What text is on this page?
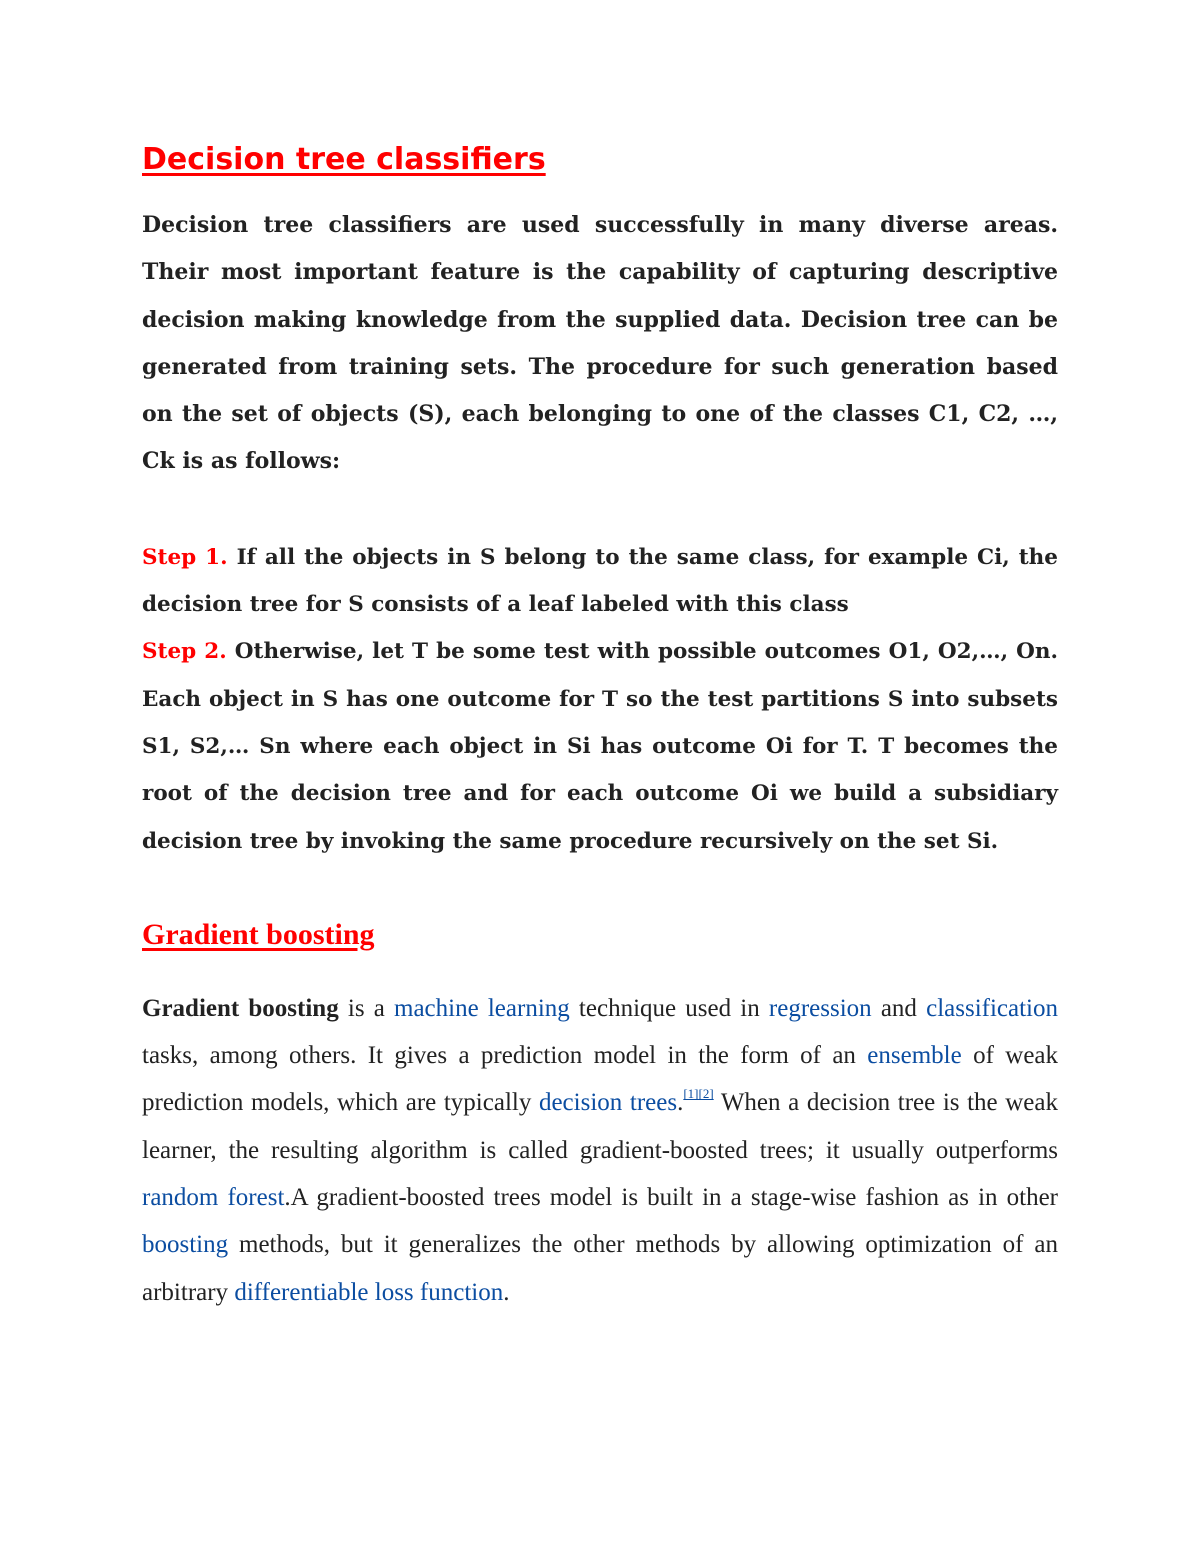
Decision tree classifiers

Decision tree classifiers are used successfully in many diverse areas. Their most important feature is the capability of capturing descriptive decision making knowledge from the supplied data. Decision tree can be generated from training sets. The procedure for such generation based on the set of objects (S), each belonging to one of the classes C1, C2, …, Ck is as follows:

Step 1. If all the objects in S belong to the same class, for example Ci, the decision tree for S consists of a leaf labeled with this class

Step 2. Otherwise, let T be some test with possible outcomes O1, O2,…, On. Each object in S has one outcome for T so the test partitions S into subsets S1, S2,… Sn where each object in Si has outcome Oi for T. T becomes the root of the decision tree and for each outcome Oi we build a subsidiary decision tree by invoking the same procedure recursively on the set Si.

Gradient boosting

Gradient boosting is a machine learning technique used in regression and classification tasks, among others. It gives a prediction model in the form of an ensemble of weak prediction models, which are typically decision trees.[1][2] When a decision tree is the weak learner, the resulting algorithm is called gradient-boosted trees; it usually outperforms random forest.A gradient-boosted trees model is built in a stage-wise fashion as in other boosting methods, but it generalizes the other methods by allowing optimization of an arbitrary differentiable loss function.
